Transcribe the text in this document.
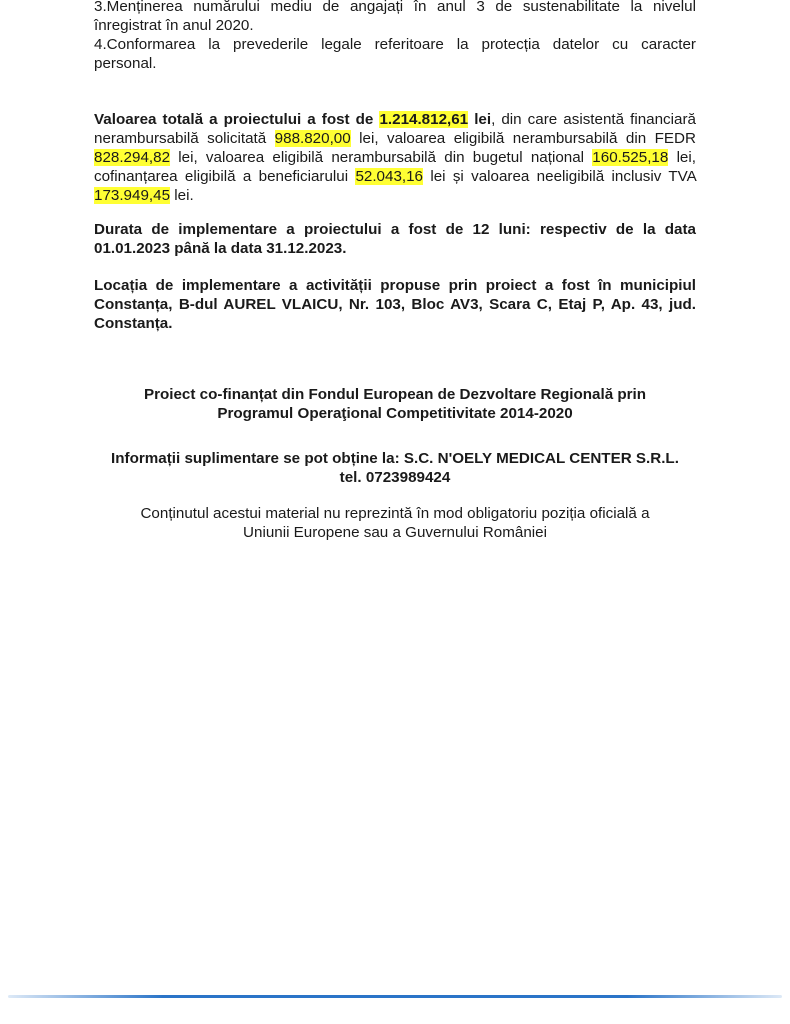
3.Menținerea numărului mediu de angajați în anul 3 de sustenabilitate la nivelul

înregistrat în anul 2020.

4.Conformarea la prevederile legale referitoare la protecția datelor cu caracter

personal.

Valoarea totală a proiectului a fost de 1.214.812,61 lei, din care asistentă financiară nerambursabilă solicitată 988.820,00 lei, valoarea eligibilă nerambursabilă din FEDR 828.294,82 lei, valoarea eligibilă nerambursabilă din bugetul național 160.525,18 lei, cofinanțarea eligibilă a beneficiarului 52.043,16 lei și valoarea neeligibilă inclusiv TVA 173.949,45 lei.

Durata de implementare a proiectului a fost de 12 luni: respectiv de la data

01.01.2023 până la data 31.12.2023.

Locația de implementare a activității propuse prin proiect a fost în municipiul

Constanța, B-dul AUREL VLAICU, Nr. 103, Bloc AV3, Scara C, Etaj P, Ap. 43, jud.

Constanța.

Proiect co-finanțat din Fondul European de Dezvoltare Regională prin

Programul Operaţional Competitivitate 2014-2020

Informații suplimentare se pot obține la: S.C. N'OELY MEDICAL CENTER S.R.L.

tel. 0723989424

Conținutul acestui material nu reprezintă în mod obligatoriu poziția oficială a

Uniunii Europene sau a Guvernului României
